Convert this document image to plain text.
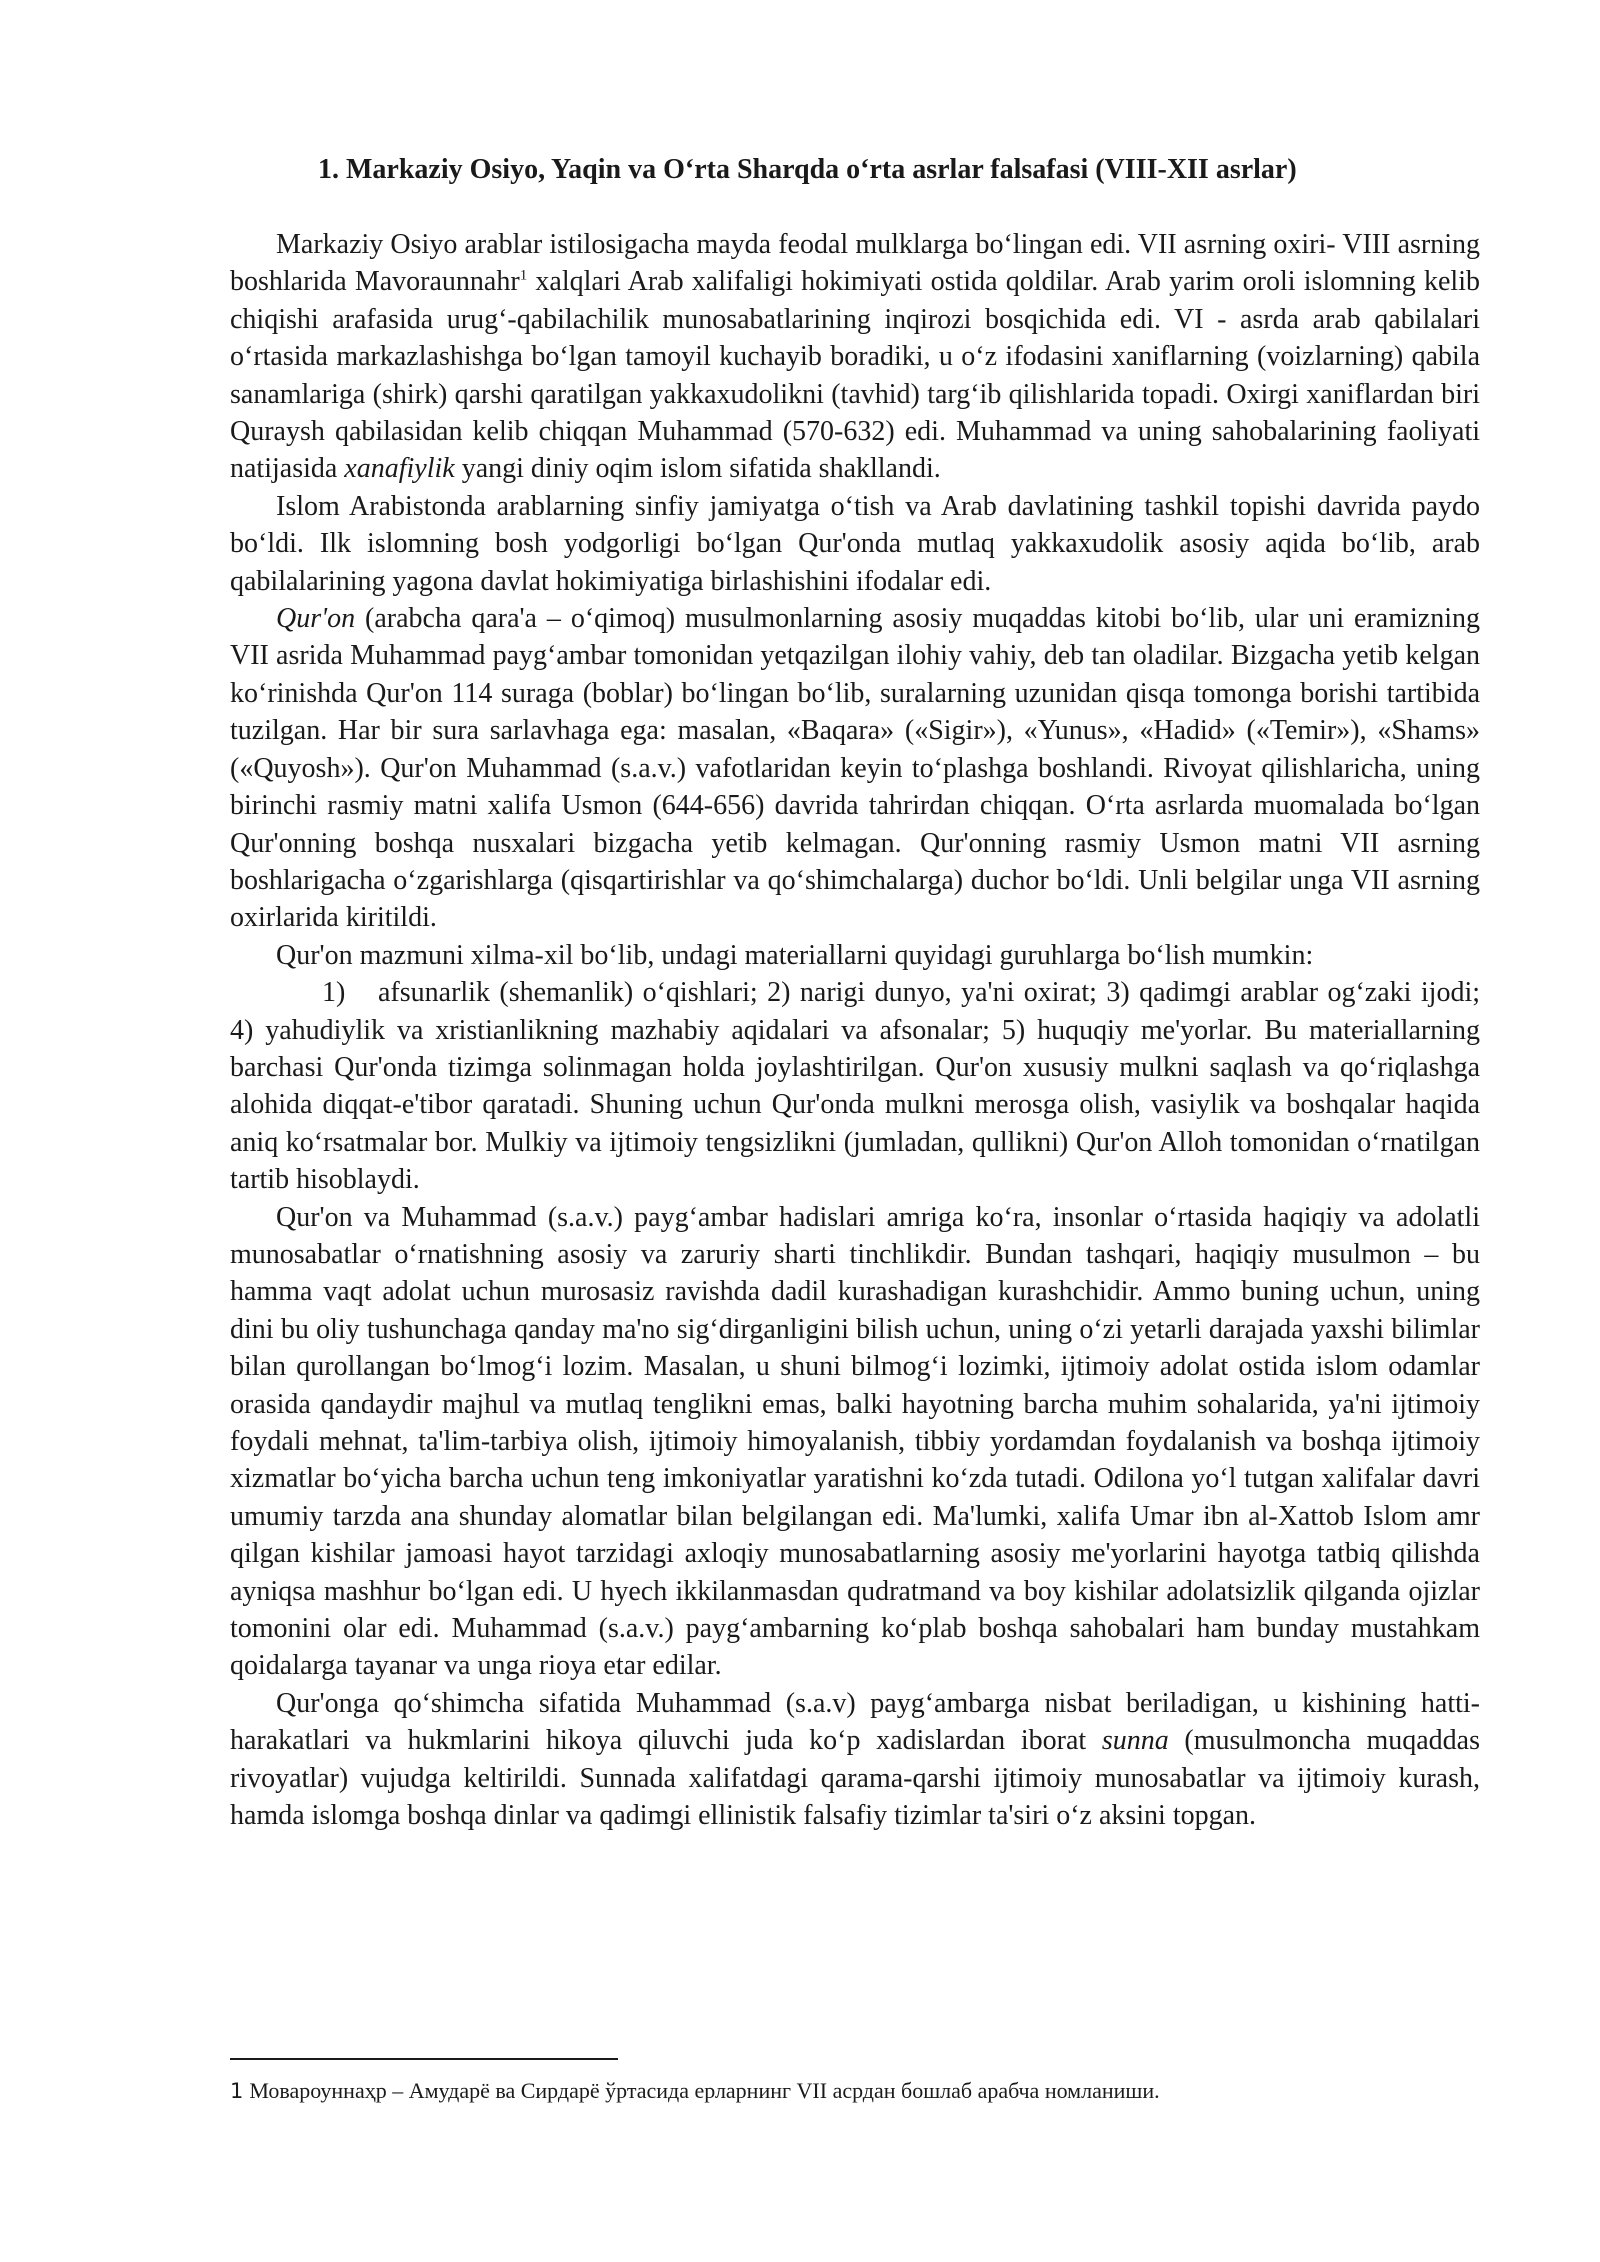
1. Markaziy Osiyo, Yaqin va O‘rta Sharqda o‘rta asrlar falsafasi (VIII-XII asrlar)

Markaziy Osiyo arablar istilosigacha mayda feodal mulklarga bo‘lingan edi. VII asrning oxiri- VIII asrning boshlarida Mavoraunnahr$^1$ xalqlari Arab xalifaligi hokimiyati ostida qoldilar. Arab yarim oroli islomning kelib chiqishi arafasida urug‘-qabilachilik munosabatlarining inqirozi bosqichida edi. VI - asrda arab qabilalari o‘rtasida markazlashishga bo‘lgan tamoyil kuchayib boradiki, u o‘z ifodasini xaniflarning (voizlarning) qabila sanamlariga (shirk) qarshi qaratilgan yakkaxudolikni (tavhid) targ‘ib qilishlarida topadi. Oxirgi xaniflardan biri Quraysh qabilasidan kelib chiqqan Muhammad (570-632) edi. Muhammad va uning sahobalarining faoliyati natijasida xanafiylik yangi diniy oqim islom sifatida shakllandi.

Islom Arabistonda arablarning sinfiy jamiyatga o‘tish va Arab davlatining tashkil topishi davrida paydo bo‘ldi. Ilk islomning bosh yodgorligi bo‘lgan Qur'onda mutlaq yakkaxudolik asosiy aqida bo‘lib, arab qabilalarining yagona davlat hokimiyatiga birlashishini ifodalar edi.

Qur'on (arabcha qara'a – o‘qimoq) musulmonlarning asosiy muqaddas kitobi bo‘lib, ular uni eramizning VII asrida Muhammad payg‘ambar tomonidan yetqazilgan ilohiy vahiy, deb tan oladilar. Bizgacha yetib kelgan ko‘rinishda Qur'on 114 suraga (boblar) bo‘lingan bo‘lib, suralarning uzunidan qisqa tomonga borishi tartibida tuzilgan. Har bir sura sarlavhaga ega: masalan, «Baqara» («Sigir»), «Yunus», «Hadid» («Temir»), «Shams» («Quyosh»). Qur'on Muhammad (s.a.v.) vafotlaridan keyin to‘plashga boshlandi. Rivoyat qilishlaricha, uning birinchi rasmiy matni xalifa Usmon (644-656) davrida tahrirdan chiqqan. O‘rta asrlarda muomalada bo‘lgan Qur'onning boshqa nusxalari bizgacha yetib kelmagan. Qur'onning rasmiy Usmon matni VII asrning boshlarigacha o‘zgarishlarga (qisqartirishlar va qo‘shimchalarga) duchor bo‘ldi. Unli belgilar unga VII asrning oxirlarida kiritildi.

Qur'on mazmuni xilma-xil bo‘lib, undagi materiallarni quyidagi guruhlarga bo‘lish mumkin:

1) afsunarlik (shemanlik) o‘qishlari; 2) narigi dunyo, ya'ni oxirat; 3) qadimgi arablar og‘zaki ijodi; 4) yahudiylik va xristianlikning mazhabiy aqidalari va afsonalar; 5) huquqiy me'yorlar. Bu materiallarning barchasi Qur'onda tizimga solinmagan holda joylashtirilgan. Qur'on xususiy mulkni saqlash va qo‘riqlashga alohida diqqat-e'tibor qaratadi. Shuning uchun Qur'onda mulkni merosga olish, vasiylik va boshqalar haqida aniq ko‘rsatmalar bor. Mulkiy va ijtimoiy tengsizlikni (jumladan, qullikni) Qur'on Alloh tomonidan o‘rnatilgan tartib hisoblaydi.

Qur'on va Muhammad (s.a.v.) payg‘ambar hadislari amriga ko‘ra, insonlar o‘rtasida haqiqiy va adolatli munosabatlar o‘rnatishning asosiy va zaruriy sharti tinchlikdir. Bundan tashqari, haqiqiy musulmon – bu hamma vaqt adolat uchun murosasiz ravishda dadil kurashadigan kurashchidir. Ammo buning uchun, uning dini bu oliy tushunchaga qanday ma'no sig‘dirganligini bilish uchun, uning o‘zi yetarli darajada yaxshi bilimlar bilan qurollangan bo‘lmog‘i lozim. Masalan, u shuni bilmog‘i lozimki, ijtimoiy adolat ostida islom odamlar orasida qandaydir majhul va mutlaq tenglikni emas, balki hayotning barcha muhim sohalarida, ya'ni ijtimoiy foydali mehnat, ta'lim-tarbiya olish, ijtimoiy himoyalanish, tibbiy yordamdan foydalanish va boshqa ijtimoiy xizmatlar bo‘yicha barcha uchun teng imkoniyatlar yaratishni ko‘zda tutadi. Odilona yo‘l tutgan xalifalar davri umumiy tarzda ana shunday alomatlar bilan belgilangan edi. Ma'lumki, xalifa Umar ibn al-Xattob Islom amr qilgan kishilar jamoasi hayot tarzidagi axloqiy munosabatlarning asosiy me'yorlarini hayotga tatbiq qilishda ayniqsa mashhur bo‘lgan edi. U hyech ikkilanmasdan qudratmand va boy kishilar adolatsizlik qilganda ojizlar tomonini olar edi. Muhammad (s.a.v.) payg‘ambarning ko‘plab boshqa sahobalari ham bunday mustahkam qoidalarga tayanar va unga rioya etar edilar.

Qur'onga qo‘shimcha sifatida Muhammad (s.a.v) payg‘ambarga nisbat beriladigan, u kishining hatti-harakatlari va hukmlarini hikoya qiluvchi juda ko‘p xadislardan iborat sunna (musulmoncha muqaddas rivoyatlar) vujudga keltirildi. Sunnada xalifatdagi qarama-qarshi ijtimoiy munosabatlar va ijtimoiy kurash, hamda islomga boshqa dinlar va qadimgi ellinistik falsafiy tizimlar ta'siri o‘z aksini topgan.

1 Мовароуннаҳр – Амударё ва Сирдарё ўртасида ерларнинг VII асрдан бошлаб арабча номланиши.
